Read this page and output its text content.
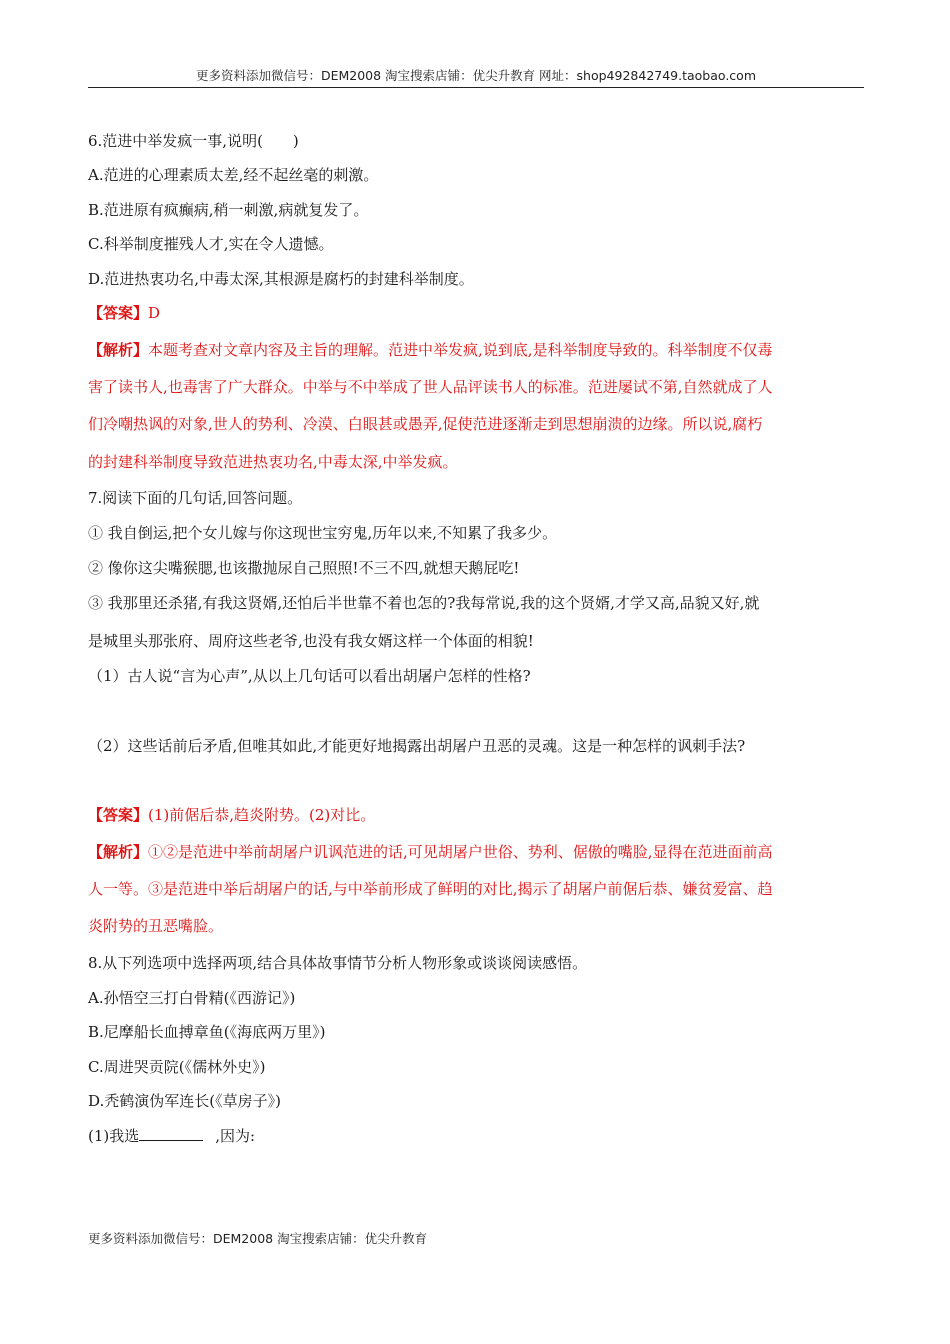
更多资料添加微信号：DEM2008 淘宝搜索店铺：优尖升教育 网址：shop492842749.taobao.com
6.范进中举发疯一事,说明(　　)
A.范进的心理素质太差,经不起丝毫的刺激。
B.范进原有疯癫病,稍一刺激,病就复发了。
C.科举制度摧残人才,实在令人遗憾。
D.范进热衷功名,中毒太深,其根源是腐朽的封建科举制度。
【答案】D
【解析】本题考查对文章内容及主旨的理解。范进中举发疯,说到底,是科举制度导致的。科举制度不仅毒
害了读书人,也毒害了广大群众。中举与不中举成了世人品评读书人的标准。范进屡试不第,自然就成了人
们冷嘲热讽的对象,世人的势利、冷漠、白眼甚或愚弄,促使范进逐渐走到思想崩溃的边缘。所以说,腐朽
的封建科举制度导致范进热衷功名,中毒太深,中举发疯。
7.阅读下面的几句话,回答问题。
① 我自倒运,把个女儿嫁与你这现世宝穷鬼,历年以来,不知累了我多少。
② 像你这尖嘴猴腮,也该撒抛尿自己照照!不三不四,就想天鹅屁吃!
③ 我那里还杀猪,有我这贤婿,还怕后半世靠不着也怎的?我每常说,我的这个贤婿,才学又高,品貌又好,就
是城里头那张府、周府这些老爷,也没有我女婿这样一个体面的相貌!
（1）古人说“言为心声”,从以上几句话可以看出胡屠户怎样的性格?
（2）这些话前后矛盾,但唯其如此,才能更好地揭露出胡屠户丑恶的灵魂。这是一种怎样的讽刺手法?
【答案】(1)前倨后恭,趋炎附势。(2)对比。
【解析】①②是范进中举前胡屠户讥讽范进的话,可见胡屠户世俗、势利、倨傲的嘴脸,显得在范进面前高
人一等。③是范进中举后胡屠户的话,与中举前形成了鲜明的对比,揭示了胡屠户前倨后恭、嫌贫爱富、趋
炎附势的丑恶嘴脸。
8.从下列选项中选择两项,结合具体故事情节分析人物形象或谈谈阅读感悟。
A.孙悟空三打白骨精(《西游记》)
B.尼摩船长血搏章鱼(《海底两万里》)
C.周进哭贡院(《儒林外史》)
D.秃鹤演伪军连长(《草房子》)
(1)我选	,因为:
更多资料添加微信号：DEM2008 淘宝搜索店铺：优尖升教育
